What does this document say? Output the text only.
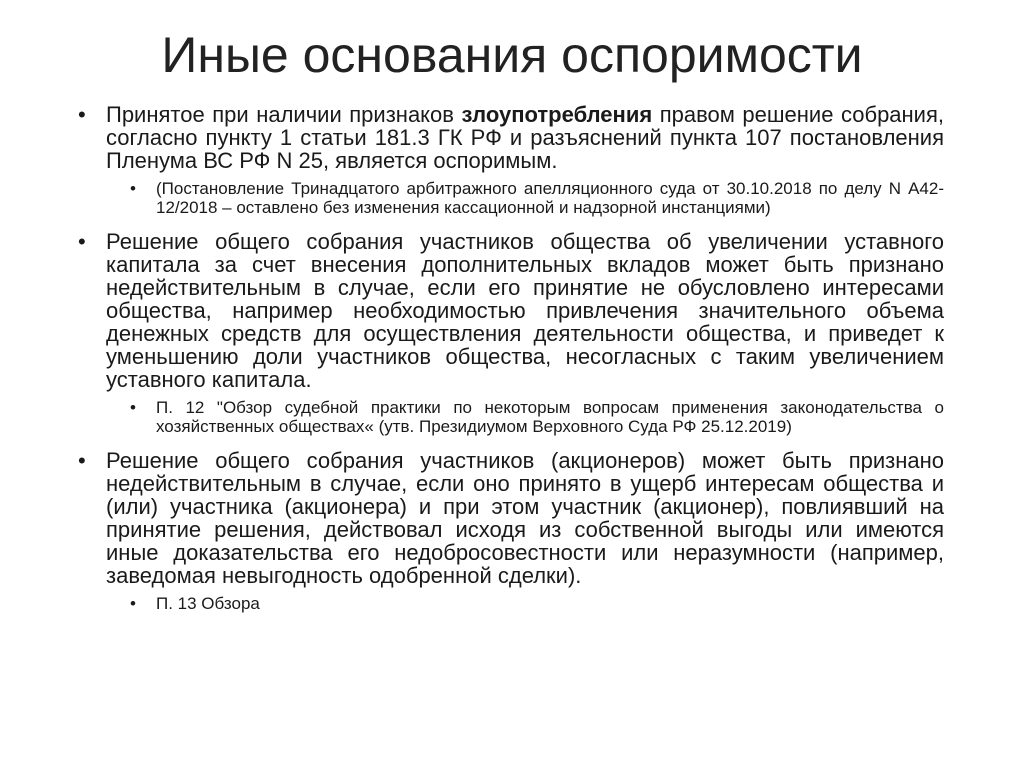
Иные основания оспоримости

• Принятое при наличии признаков злоупотребления правом решение собрания, согласно пункту 1 статьи 181.3 ГК РФ и разъяснений пункта 107 постановления Пленума ВС РФ N 25, является оспоримым.

• (Постановление Тринадцатого арбитражного апелляционного суда от 30.10.2018 по делу N А42-12/2018 – оставлено без изменения кассационной и надзорной инстанциями)

• Решение общего собрания участников общества об увеличении уставного капитала за счет внесения дополнительных вкладов может быть признано недействительным в случае, если его принятие не обусловлено интересами общества, например необходимостью привлечения значительного объема денежных средств для осуществления деятельности общества, и приведет к уменьшению доли участников общества, несогласных с таким увеличением уставного капитала.

• П. 12 "Обзор судебной практики по некоторым вопросам применения законодательства о хозяйственных обществах« (утв. Президиумом Верховного Суда РФ 25.12.2019)

• Решение общего собрания участников (акционеров) может быть признано недействительным в случае, если оно принято в ущерб интересам общества и (или) участника (акционера) и при этом участник (акционер), повлиявший на принятие решения, действовал исходя из собственной выгоды или имеются иные доказательства его недобросовестности или неразумности (например, заведомая невыгодность одобренной сделки).

• П. 13 Обзора
